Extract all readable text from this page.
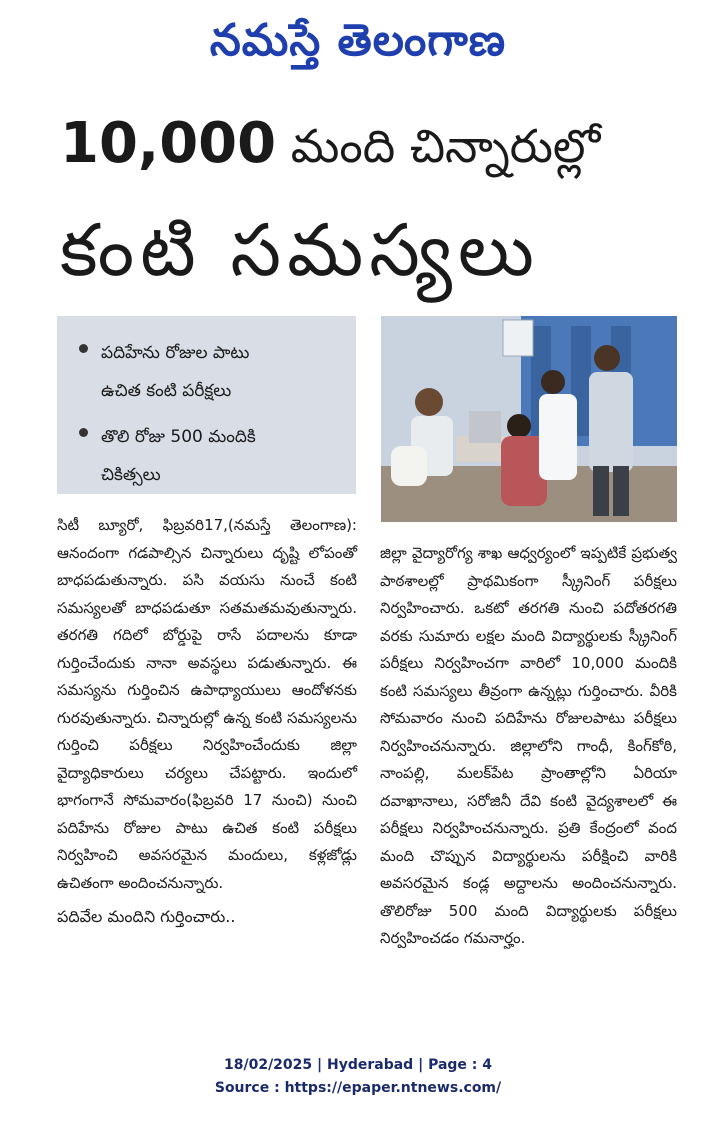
నమస్తే తెలంగాణ
10,000 మంది చిన్నారుల్లో
కంటి సమస్యలు
పదిహేను రోజుల పాటు
ఉచిత కంటి పరీక్షలు
తొలి రోజు 500 మందికి
చికిత్సలు

సిటీ బ్యూరో, ఫిబ్రవరి17,(నమస్తే తెలంగాణ): ఆనందంగా గడపాల్సిన చిన్నారులు దృష్టి లోపంతో బాధపడుతున్నారు. పసి వయసు నుంచే కంటి సమస్యలతో బాధపడుతూ సతమతమవుతున్నారు. తరగతి గదిలో బోర్డుపై రాసే పదాలను కూడా గుర్తించేందుకు నానా అవస్థలు పడుతున్నారు. ఈ సమస్యను గుర్తించిన ఉపాధ్యాయులు ఆందోళనకు గురవుతున్నారు. చిన్నారుల్లో ఉన్న కంటి సమస్యలను గుర్తించి పరీక్షలు నిర్వహించేందుకు జిల్లా వైద్యాధికారులు చర్యలు చేపట్టారు. ఇందులో భాగంగానే సోమవారం(ఫిబ్రవరి 17 నుంచి) నుంచి పదిహేను రోజుల పాటు ఉచిత కంటి పరీక్షలు నిర్వహించి అవసరమైన మందులు, కళ్లజోడ్లు ఉచితంగా అందించనున్నారు.

పదివేల మందిని గుర్తించారు..

జిల్లా వైద్యారోగ్య శాఖ ఆధ్వర్యంలో ఇప్పటికే ప్రభుత్వ పాఠశాలల్లో ప్రాథమికంగా స్క్రీనింగ్ పరీక్షలు నిర్వహించారు. ఒకటో తరగతి నుంచి పదోతరగతి వరకు సుమారు లక్షల మంది విద్యార్థులకు స్క్రీనింగ్ పరీక్షలు నిర్వహించగా వారిలో 10,000 మందికి కంటి సమస్యలు తీవ్రంగా ఉన్నట్లు గుర్తించారు. వీరికి సోమవారం నుంచి పదిహేను రోజులపాటు పరీక్షలు నిర్వహించనున్నారు. జిల్లాలోని గాంధీ, కింగ్‌కోఠి, నాంపల్లి, మలక్‌పేట ప్రాంతాల్లోని ఏరియా దవాఖానాలు, సరోజినీ దేవి కంటి వైద్యశాలలో ఈ పరీక్షలు నిర్వహించనున్నారు. ప్రతి కేంద్రంలో వంద మంది చొప్పున విద్యార్థులను పరీక్షించి వారికి అవసరమైన కండ్ల అద్దాలను అందించనున్నారు. తొలిరోజు 500 మంది విద్యార్థులకు పరీక్షలు నిర్వహించడం గమనార్హం.

18/02/2025 | Hyderabad | Page : 4
Source : https://epaper.ntnews.com/
